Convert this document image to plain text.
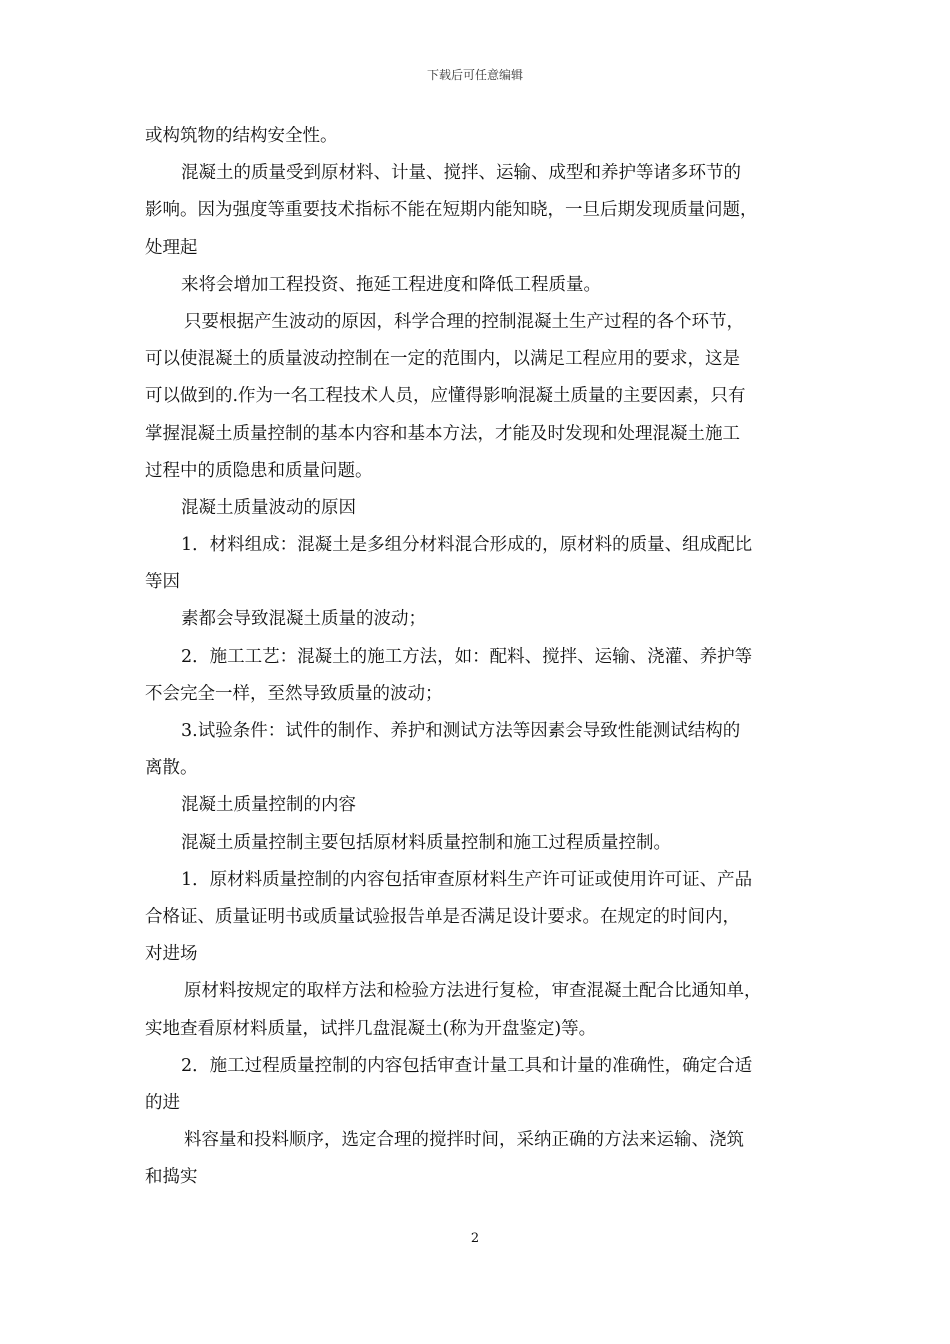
下载后可任意编辑
或构筑物的结构安全性。
混凝土的质量受到原材料、计量、搅拌、运输、成型和养护等诸多环节的
影响。因为强度等重要技术指标不能在短期内能知晓，一旦后期发现质量问题，
处理起
来将会增加工程投资、拖延工程进度和降低工程质量。
只要根据产生波动的原因，科学合理的控制混凝土生产过程的各个环节，
可以使混凝土的质量波动控制在一定的范围内，以满足工程应用的要求，这是
可以做到的.作为一名工程技术人员，应懂得影响混凝土质量的主要因素，只有
掌握混凝土质量控制的基本内容和基本方法，才能及时发现和处理混凝土施工
过程中的质隐患和质量问题。
混凝土质量波动的原因
1．材料组成：混凝土是多组分材料混合形成的，原材料的质量、组成配比
等因
素都会导致混凝土质量的波动；
2．施工工艺：混凝土的施工方法，如：配料、搅拌、运输、浇灌、养护等
不会完全一样，至然导致质量的波动；
3.试验条件：试件的制作、养护和测试方法等因素会导致性能测试结构的
离散。
混凝土质量控制的内容
混凝土质量控制主要包括原材料质量控制和施工过程质量控制。
1．原材料质量控制的内容包括审查原材料生产许可证或使用许可证、产品
合格证、质量证明书或质量试验报告单是否满足设计要求。在规定的时间内，
对进场
原材料按规定的取样方法和检验方法进行复检，审查混凝土配合比通知单，
实地查看原材料质量，试拌几盘混凝土(称为开盘鉴定)等。
2．施工过程质量控制的内容包括审查计量工具和计量的准确性，确定合适
的进
料容量和投料顺序，选定合理的搅拌时间，采纳正确的方法来运输、浇筑
和捣实
2
